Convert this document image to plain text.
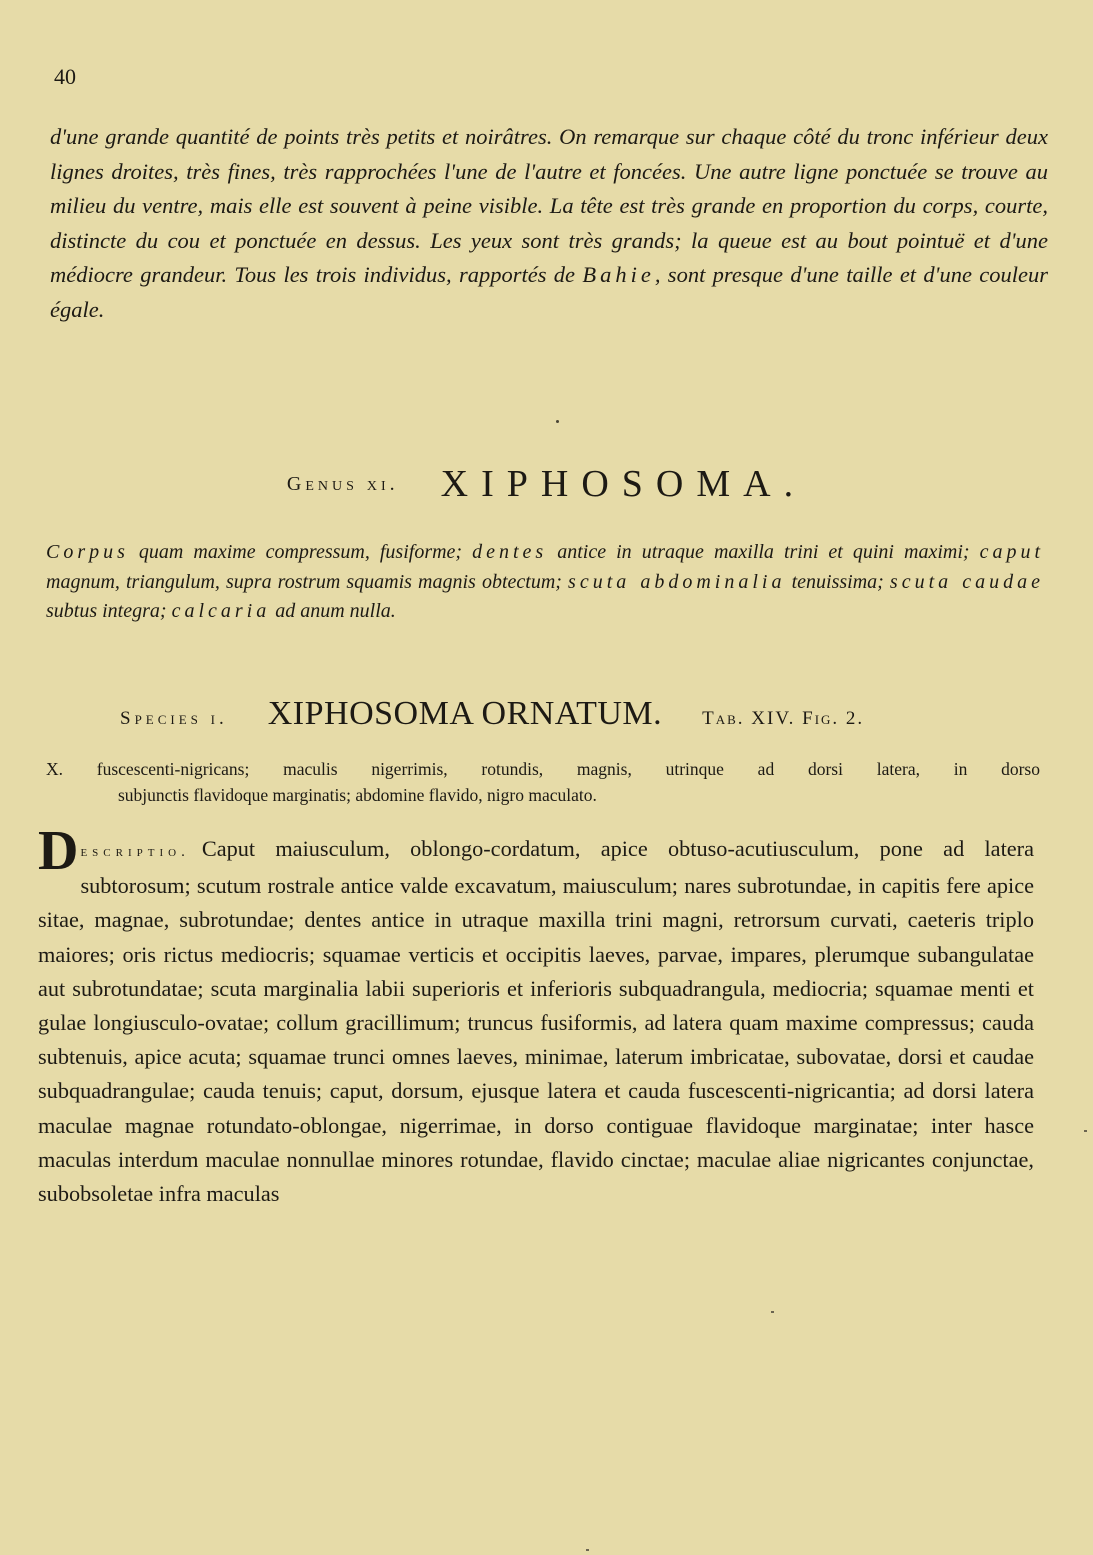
40
d'une grande quantité de points très petits et noirâtres. On remarque sur chaque côté du tronc inférieur deux lignes droites, très fines, très rapprochées l'une de l'autre et foncées. Une autre ligne ponctuée se trouve au milieu du ventre, mais elle est souvent à peine visible. La tête est très grande en proportion du corps, courte, distincte du cou et ponctuée en dessus. Les yeux sont très grands; la queue est au bout pointuë et d'une médiocre grandeur. Tous les trois individus, rapportés de Bahie, sont presque d'une taille et d'une couleur égale.
Genus xi. XIPHOSOMA.
Corpus quam maxime compressum, fusiforme; dentes antice in utraque maxilla trini et quini maximi; caput magnum, triangulum, supra rostrum squamis magnis obtectum; scuta abdominalia tenuissima; scuta caudae subtus integra; calcaria ad anum nulla.
Species i. XIPHOSOMA ORNATUM. Tab. XIV. Fig. 2.
X. fuscescenti-nigricans; maculis nigerrimis, rotundis, magnis, utrinque ad dorsi latera, in dorso
subjunctis flavidoque marginatis; abdomine flavido, nigro maculato.
Descriptio. Caput maiusculum, oblongo-cordatum, apice obtuso-acutiusculum, pone ad latera subtorosum; scutum rostrale antice valde excavatum, maiusculum; nares subrotundae, in capitis fere apice sitae, magnae, subrotundae; dentes antice in utraque maxilla trini magni, retrorsum curvati, caeteris triplo maiores; oris rictus mediocris; squamae verticis et occipitis laeves, parvae, impares, plerumque subangulatae aut subrotundatae; scuta marginalia labii superioris et inferioris subquadrangula, mediocria; squamae menti et gulae longiusculo-ovatae; collum gracillimum; truncus fusiformis, ad latera quam maxime compressus; cauda subtenuis, apice acuta; squamae trunci omnes laeves, minimae, laterum imbricatae, subovatae, dorsi et caudae subquadrangulae; cauda tenuis; caput, dorsum, ejusque latera et cauda fuscescenti-nigricantia; ad dorsi latera maculae magnae rotundato-oblongae, nigerrimae, in dorso contiguae flavidoque marginatae; inter hasce maculas interdum maculae nonnullae minores rotundae, flavido cinctae; maculae aliae nigricantes conjunctae, subobsoletae infra maculas
